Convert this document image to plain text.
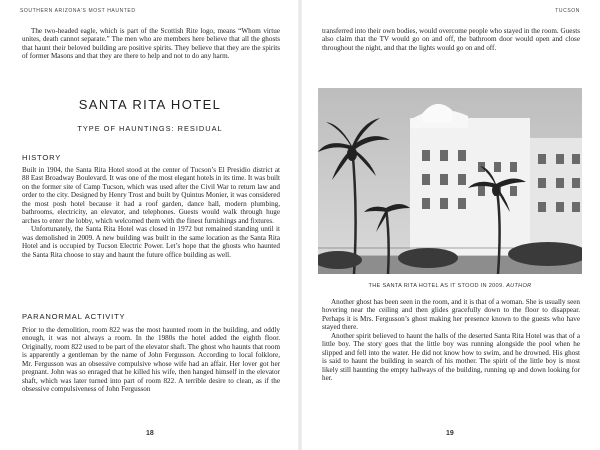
SOUTHERN ARIZONA'S MOST HAUNTED

The two-headed eagle, which is part of the Scottish Rite logo, means “Whom virtue unites, death cannot separate.” The men who are members here believe that all the ghosts that haunt their beloved building are positive spirits. They believe that they are the spirits of former Masons and that they are there to help and not to do any harm.

SANTA RITA HOTEL
TYPE OF HAUNTINGS: RESIDUAL
HISTORY

Built in 1904, the Santa Rita Hotel stood at the center of Tucson’s El Presidio district at 88 East Broadway Boulevard. It was one of the most elegant hotels in its time. It was built on the former site of Camp Tucson, which was used after the Civil War to return law and order to the city. Designed by Henry Trost and built by Quintus Monier, it was considered the most posh hotel because it had a roof garden, dance hall, modern plumbing, bathrooms, electricity, an elevator, and telephones. Guests would walk through huge arches to enter the lobby, which welcomed them with the finest furnishings and fixtures.

Unfortunately, the Santa Rita Hotel was closed in 1972 but remained standing until it was demolished in 2009. A new building was built in the same location as the Santa Rita Hotel and is occupied by Tucson Electric Power. Let’s hope that the ghosts who haunted the Santa Rita choose to stay and haunt the future office building as well.

PARANORMAL ACTIVITY

Prior to the demolition, room 822 was the most haunted room in the building, and oddly enough, it was not always a room. In the 1980s the hotel added the eighth floor. Originally, room 822 used to be part of the elevator shaft. The ghost who haunts that room is apparently a gentleman by the name of John Fergusson. According to local folklore, Mr. Fergusson was an obsessive compulsive whose wife had an affair. Her lover got her pregnant. John was so enraged that he killed his wife, then hanged himself in the elevator shaft, which was later turned into part of room 822. A terrible desire to clean, as if the obsessive compulsiveness of John Fergusson

18
TUCSON

transferred into their own bodies, would overcome people who stayed in the room. Guests also claim that the TV would go on and off, the bathroom door would open and close throughout the night, and that the lights would go on and off.

THE SANTA RITA HOTEL AS IT STOOD IN 2009. AUTHOR

Another ghost has been seen in the room, and it is that of a woman. She is usually seen hovering near the ceiling and then glides gracefully down to the floor to disappear. Perhaps it is Mrs. Fergusson’s ghost making her presence known to the guests who have stayed there.

Another spirit believed to haunt the halls of the deserted Santa Rita Hotel was that of a little boy. The story goes that the little boy was running alongside the pool when he slipped and fell into the water. He did not know how to swim, and he drowned. His ghost is said to haunt the building in search of his mother. The spirit of the little boy is most likely still haunting the empty hallways of the building, running up and down looking for her.

19
